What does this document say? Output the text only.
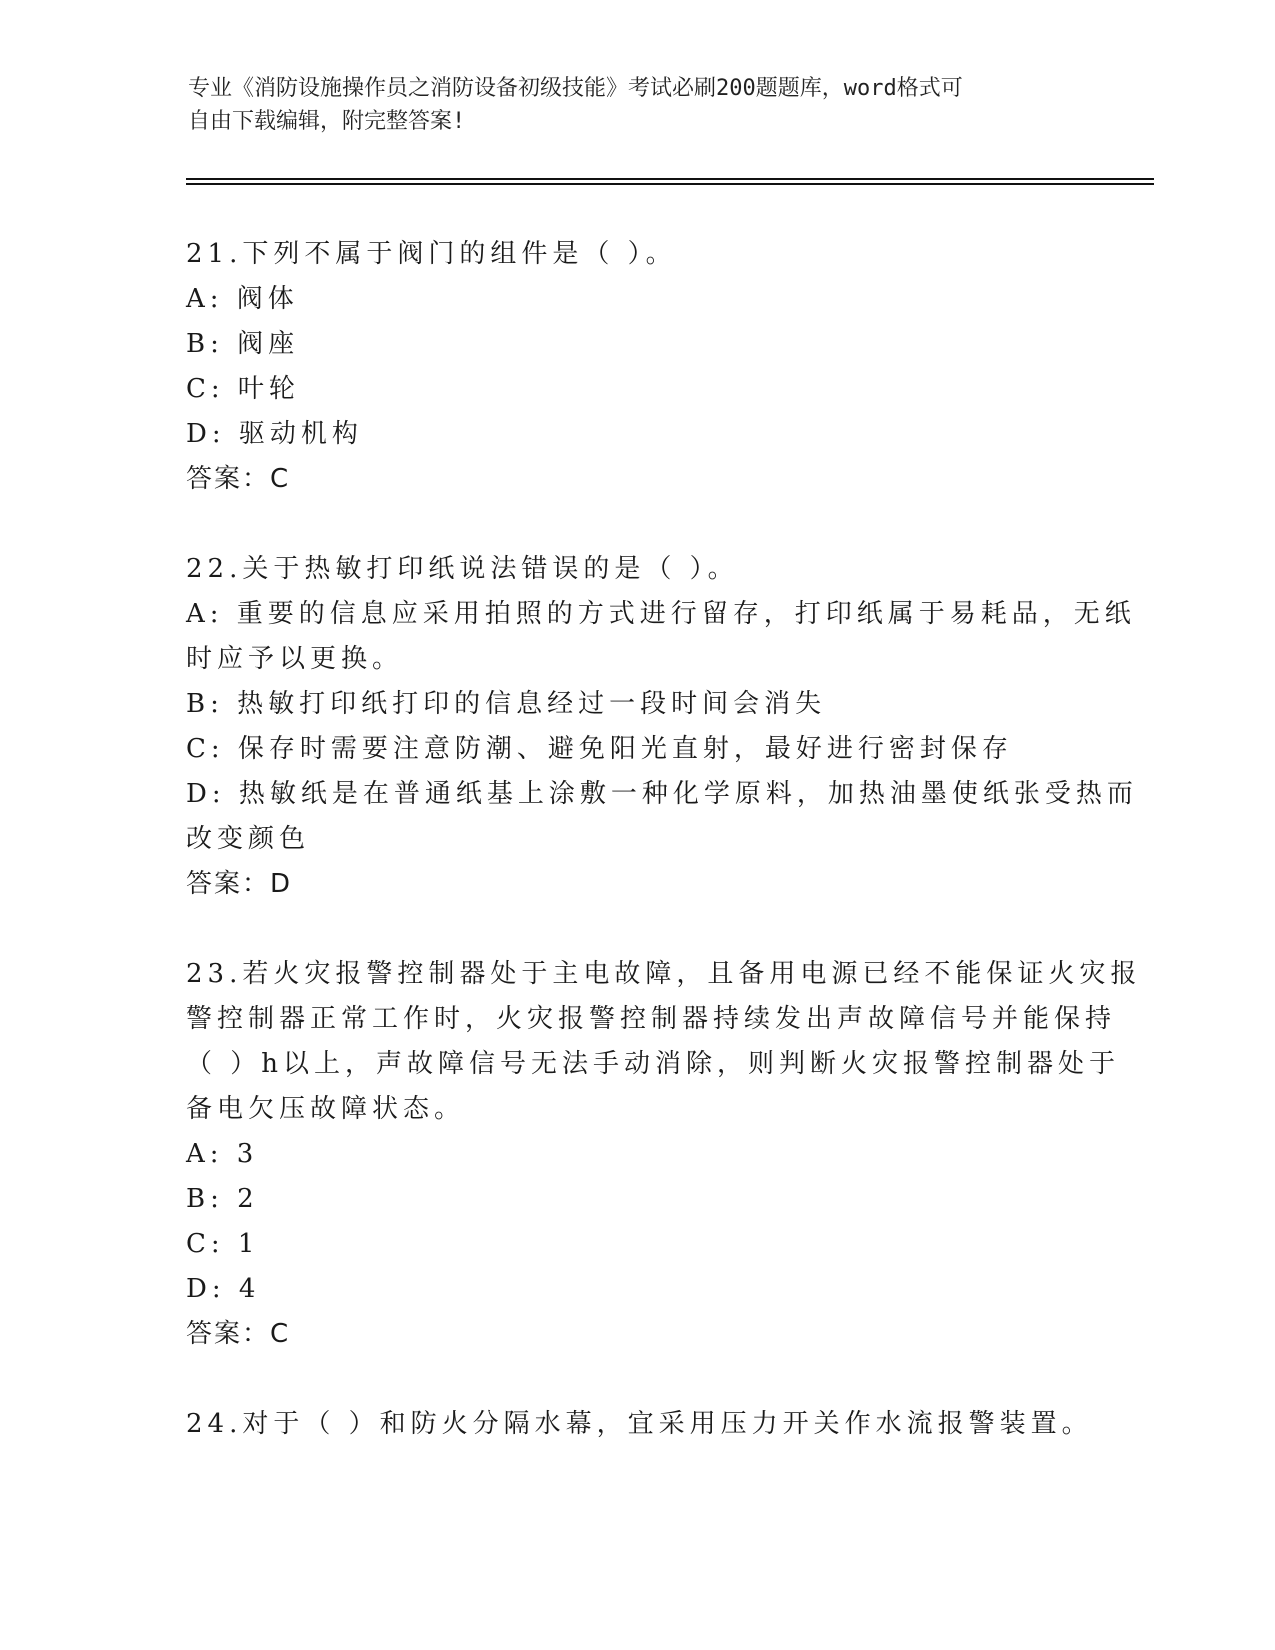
专业《消防设施操作员之消防设备初级技能》考试必刷200题题库，word格式可
自由下载编辑，附完整答案!
21.下列不属于阀门的组件是（ ）。
A: 阀体
B: 阀座
C: 叶轮
D: 驱动机构
答案：C
22.关于热敏打印纸说法错误的是（ ）。
A: 重要的信息应采用拍照的方式进行留存，打印纸属于易耗品，无纸
时应予以更换。
B: 热敏打印纸打印的信息经过一段时间会消失
C: 保存时需要注意防潮、避免阳光直射，最好进行密封保存
D: 热敏纸是在普通纸基上涂敷一种化学原料，加热油墨使纸张受热而
改变颜色
答案：D
23.若火灾报警控制器处于主电故障，且备用电源已经不能保证火灾报
警控制器正常工作时，火灾报警控制器持续发出声故障信号并能保持
（ ）h以上，声故障信号无法手动消除，则判断火灾报警控制器处于
备电欠压故障状态。
A: 3
B: 2
C: 1
D: 4
答案：C
24.对于（ ）和防火分隔水幕，宜采用压力开关作水流报警装置。
